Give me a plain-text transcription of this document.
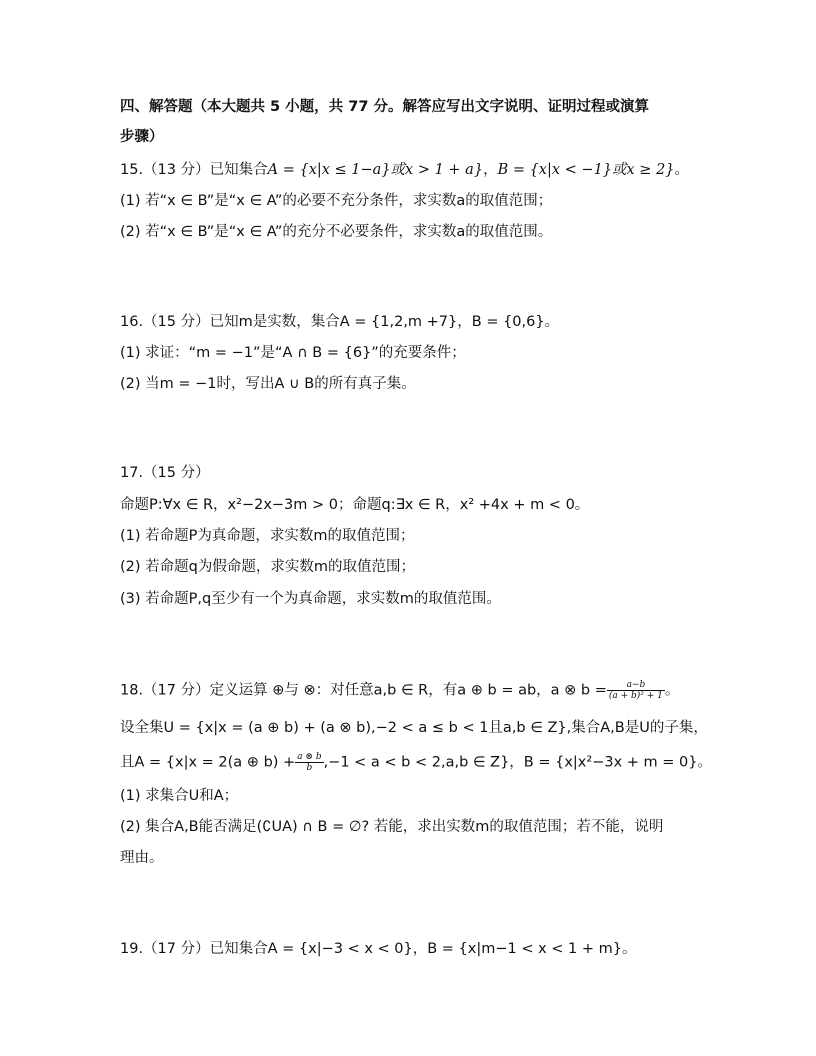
四、解答题（本大题共 5 小题，共 77 分。解答应写出文字说明、证明过程或演算
步骤）
15.（13 分）已知集合A = {x|x ≤ 1−a}或x > 1 + a}，B = {x|x < −1}或x ≥ 2}。
(1) 若“x ∈ B”是“x ∈ A”的必要不充分条件，求实数a的取值范围；
(2) 若“x ∈ B”是“x ∈ A”的充分不必要条件，求实数a的取值范围。
16.（15 分）已知m是实数，集合A = {1,2,m +7}，B = {0,6}。
(1) 求证：“m = −1”是“A ∩ B = {6}”的充要条件；
(2) 当m = −1时，写出A ∪ B的所有真子集。
17.（15 分）
命题P:∀x ∈ R，x²−2x−3m > 0；命题q:∃x ∈ R，x² +4x + m < 0。
(1) 若命题P为真命题，求实数m的取值范围；
(2) 若命题q为假命题，求实数m的取值范围；
(3) 若命题P,q至少有一个为真命题，求实数m的取值范围。
18.（17 分）定义运算 ⊕与 ⊗：对任意a,b ∈ R，有a ⊕ b = ab，a ⊗ $b = \frac{a-b}{\text{(a + b)² + 1}}$ 。
设全集U = {x|x = (a ⊕ b) + (a ⊗ b),−2 < a ≤ b < 1且a,b ∈ Z},集合A,B是U的子集，
且A = {x|x = 2(a ⊕ $b) + \frac{a \otimes b}{b} ,-1 < a < b < 2,a,b$ ∈ Z}，B = {x|x²−3x + m = 0}。
(1) 求集合U和A；
(2) 集合A,B能否满足(∁UA) ∩ B = ∅? 若能，求出实数m的取值范围；若不能，说明
理由。
19.（17 分）已知集合A = {x|−3 < x < 0}，B = {x|m−1 < x < 1 + m}。
